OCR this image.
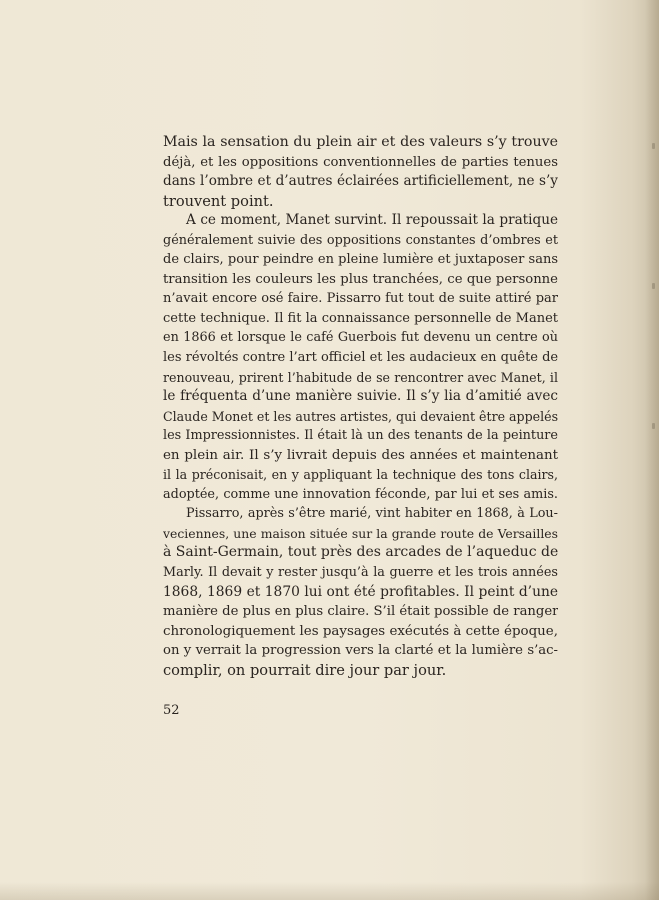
Mais la sensation du plein air et des valeurs s’y trouve
déjà, et les oppositions conventionnelles de parties tenues
dans l’ombre et d’autres éclairées artificiellement, ne s’y
trouvent point.
A ce moment, Manet survint. Il repoussait la pratique
généralement suivie des oppositions constantes d’ombres et
de clairs, pour peindre en pleine lumière et juxtaposer sans
transition les couleurs les plus tranchées, ce que personne
n’avait encore osé faire. Pissarro fut tout de suite attiré par
cette technique. Il fit la connaissance personnelle de Manet
en 1866 et lorsque le café Guerbois fut devenu un centre où
les révoltés contre l’art officiel et les audacieux en quête de
renouveau, prirent l’habitude de se rencontrer avec Manet, il
le fréquenta d’une manière suivie. Il s’y lia d’amitié avec
Claude Monet et les autres artistes, qui devaient être appelés
les Impressionnistes. Il était là un des tenants de la peinture
en plein air. Il s’y livrait depuis des années et maintenant
il la préconisait, en y appliquant la technique des tons clairs,
adoptée, comme une innovation féconde, par lui et ses amis.
Pissarro, après s’être marié, vint habiter en 1868, à Lou-
veciennes, une maison située sur la grande route de Versailles
à Saint-Germain, tout près des arcades de l’aqueduc de
Marly. Il devait y rester jusqu’à la guerre et les trois années
1868, 1869 et 1870 lui ont été profitables. Il peint d’une
manière de plus en plus claire. S’il était possible de ranger
chronologiquement les paysages exécutés à cette époque,
on y verrait la progression vers la clarté et la lumière s’ac-
complir, on pourrait dire jour par jour.
52
